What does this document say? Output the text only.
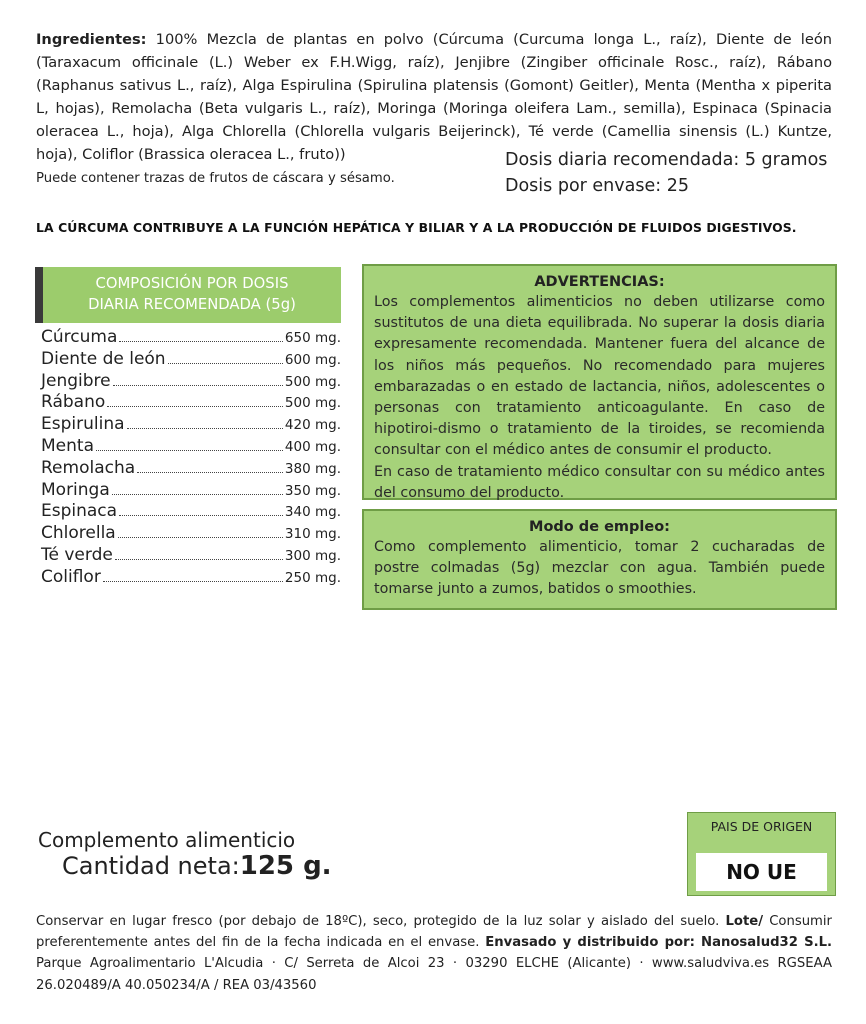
Ingredientes: 100% Mezcla de plantas en polvo (Cúrcuma (Curcuma longa L., raíz), Diente de león (Taraxacum officinale (L.) Weber ex F.H.Wigg, raíz), Jenjibre (Zingiber officinale Rosc., raíz), Rábano (Raphanus sativus L., raíz), Alga Espirulina (Spirulina platensis (Gomont) Geitler), Menta (Mentha x piperita L, hojas), Remolacha (Beta vulgaris L., raíz), Moringa (Moringa oleifera Lam., semilla), Espinaca (Spinacia oleracea L., hoja), Alga Chlorella (Chlorella vulgaris Beijerinck), Té verde (Camellia sinensis (L.) Kuntze, hoja), Coliflor (Brassica oleracea L., fruto))	Dosis diaria recomendada: 5 gramos
Dosis por envase: 25
Puede contener trazas de frutos de cáscara y sésamo.
LA CÚRCUMA CONTRIBUYE A LA FUNCIÓN HEPÁTICA Y BILIAR Y A LA PRODUCCIÓN DE FLUIDOS DIGESTIVOS.
COMPOSICIÓN POR DOSIS
DIARIA RECOMENDADA (5g)
Cúrcuma	650 mg.
Diente de león	600 mg.
Jengibre	500 mg.
Rábano	500 mg.
Espirulina	420 mg.
Menta	400 mg.
Remolacha	380 mg.
Moringa	350 mg.
Espinaca	340 mg.
Chlorella	310 mg.
Té verde	300 mg.
Coliflor	250 mg.
ADVERTENCIAS:
Los complementos alimenticios no deben utilizarse como sustitutos de una dieta equilibrada. No superar la dosis diaria expresamente recomendada. Mantener fuera del alcance de los niños más pequeños. No recomendado para mujeres embarazadas o en estado de lactancia, niños, adolescentes o personas con tratamiento anticoagulante. En caso de hipotiroi-dismo o tratamiento de la tiroides, se recomienda consultar con el médico antes de consumir el producto.
En caso de tratamiento médico consultar con su médico antes del consumo del producto.
Modo de empleo:
Como complemento alimenticio, tomar 2 cucharadas de postre colmadas (5g) mezclar con agua. También puede tomarse junto a zumos, batidos o smoothies.
Complemento alimenticio
Cantidad neta:125 g.
PAIS DE ORIGEN
NO UE
Conservar en lugar fresco (por debajo de 18ºC), seco, protegido de la luz solar y aislado del suelo. Lote/ Consumir preferentemente antes del fin de la fecha indicada en el envase. Envasado y distribuido por: Nanosalud32 S.L. Parque Agroalimentario L'Alcudia · C/ Serreta de Alcoi 23 · 03290 ELCHE (Alicante) · www.saludviva.es RGSEAA 26.020489/A 40.050234/A / REA 03/43560
